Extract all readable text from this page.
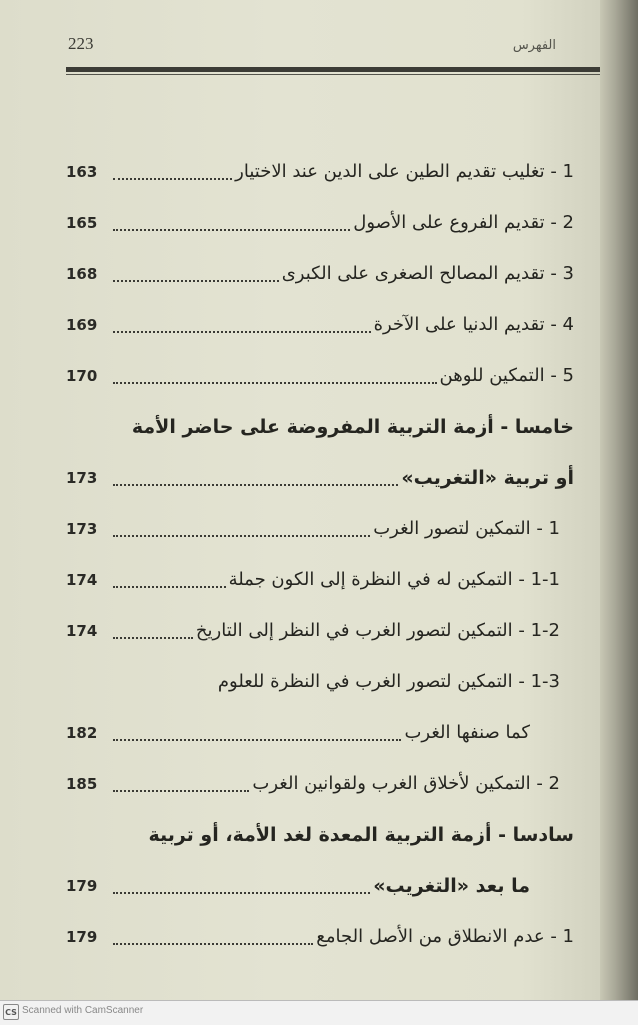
223	الفهرس
163	1 - تغليب تقديم الطين على الدين عند الاختيار
165	2 - تقديم الفروع على الأصول
168	3 - تقديم المصالح الصغرى على الكبرى
169	4 - تقديم الدنيا على الآخرة
170	5 - التمكين للوهن
خامسا - أزمة التربية المفروضة على حاضر الأمة
173	أو تربية «التغريب»
173	1 - التمكين لتصور الغرب
174	1-1 - التمكين له في النظرة إلى الكون جملة
174	1-2 - التمكين لتصور الغرب في النظر إلى التاريخ
1-3 - التمكين لتصور الغرب في النظرة للعلوم
182	كما صنفها الغرب
185	2 - التمكين لأخلاق الغرب ولقوانين الغرب
سادسا - أزمة التربية المعدة لغد الأمة، أو تربية
179	ما بعد «التغريب»
179	1 - عدم الانطلاق من الأصل الجامع
CS Scanned with CamScanner
